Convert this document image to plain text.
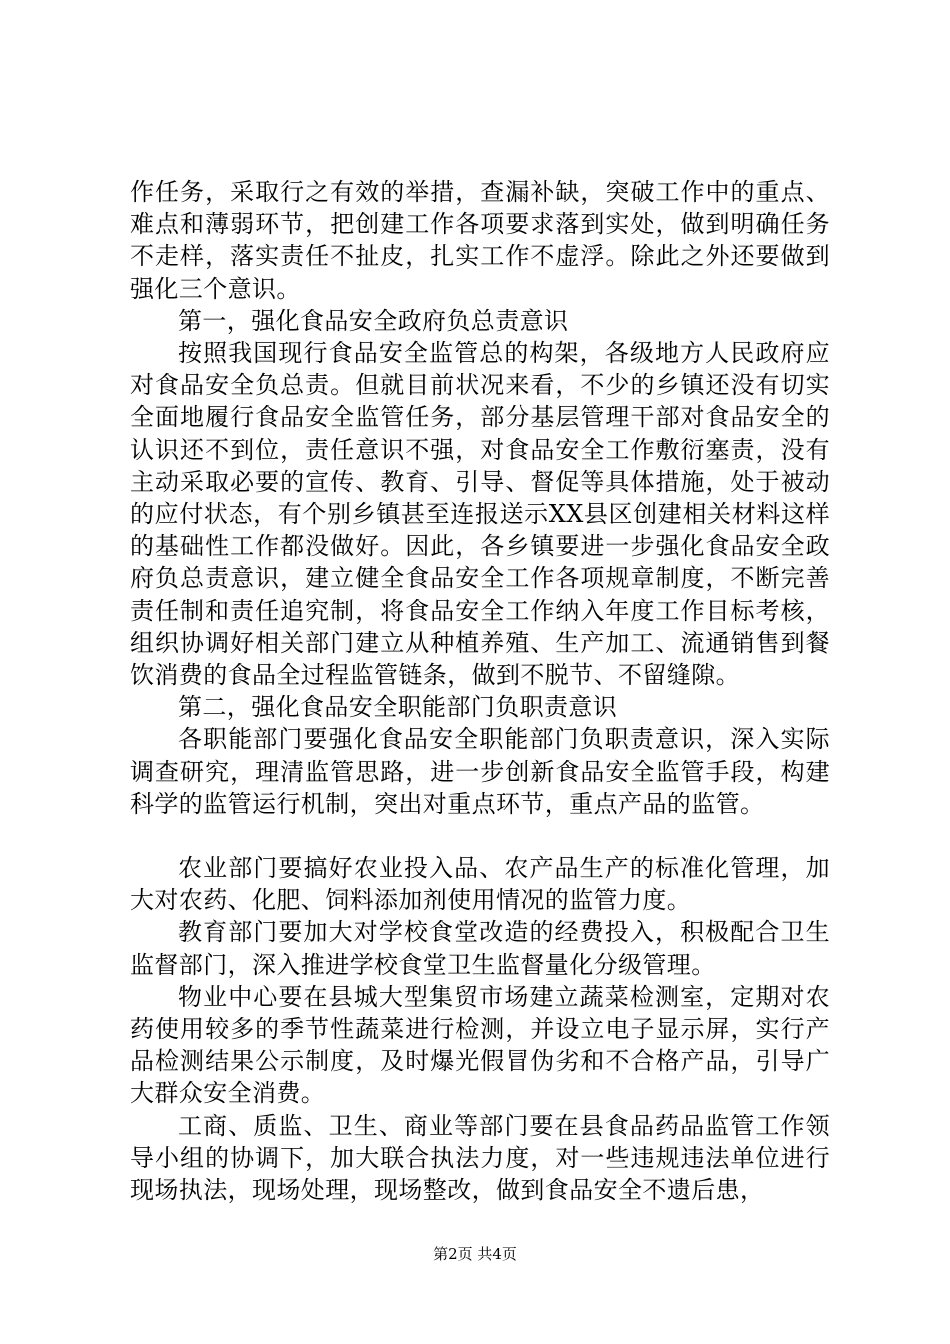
作任务，采取行之有效的举措，查漏补缺，突破工作中的重点、难点和薄弱环节，把创建工作各项要求落到实处，做到明确任务不走样，落实责任不扯皮，扎实工作不虚浮。除此之外还要做到强化三个意识。

第一，强化食品安全政府负总责意识

按照我国现行食品安全监管总的构架，各级地方人民政府应对食品安全负总责。但就目前状况来看，不少的乡镇还没有切实全面地履行食品安全监管任务，部分基层管理干部对食品安全的认识还不到位，责任意识不强，对食品安全工作敷衍塞责，没有主动采取必要的宣传、教育、引导、督促等具体措施，处于被动的应付状态，有个别乡镇甚至连报送示XX县区创建相关材料这样的基础性工作都没做好。因此，各乡镇要进一步强化食品安全政府负总责意识，建立健全食品安全工作各项规章制度，不断完善责任制和责任追究制，将食品安全工作纳入年度工作目标考核，组织协调好相关部门建立从种植养殖、生产加工、流通销售到餐饮消费的食品全过程监管链条，做到不脱节、不留缝隙。

第二，强化食品安全职能部门负职责意识

各职能部门要强化食品安全职能部门负职责意识，深入实际调查研究，理清监管思路，进一步创新食品安全监管手段，构建科学的监管运行机制，突出对重点环节，重点产品的监管。

农业部门要搞好农业投入品、农产品生产的标准化管理，加大对农药、化肥、饲料添加剂使用情况的监管力度。

教育部门要加大对学校食堂改造的经费投入，积极配合卫生监督部门，深入推进学校食堂卫生监督量化分级管理。

物业中心要在县城大型集贸市场建立蔬菜检测室，定期对农药使用较多的季节性蔬菜进行检测，并设立电子显示屏，实行产品检测结果公示制度，及时爆光假冒伪劣和不合格产品，引导广大群众安全消费。

工商、质监、卫生、商业等部门要在县食品药品监管工作领导小组的协调下，加大联合执法力度，对一些违规违法单位进行现场执法，现场处理，现场整改，做到食品安全不遗后患，

第2页 共4页
